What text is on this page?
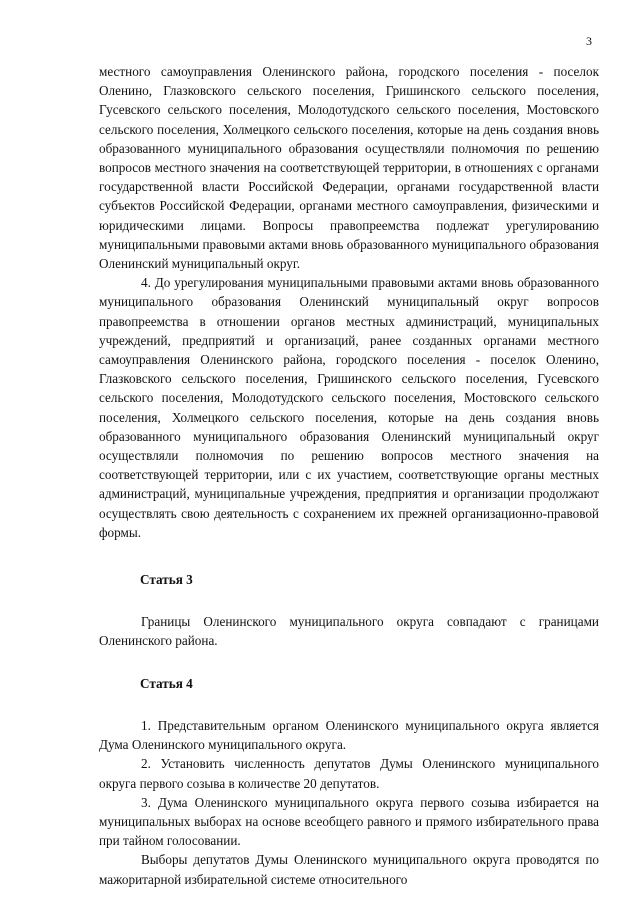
3

местного самоуправления Оленинского района, городского поселения - поселок Оленино, Глазковского сельского поселения, Гришинского сельского поселения, Гусевского сельского поселения, Молодотудского сельского поселения, Мостовского сельского поселения, Холмецкого сельского поселения, которые на день создания вновь образованного муниципального образования осуществляли полномочия по решению вопросов местного значения на соответствующей территории, в отношениях с органами государственной власти Российской Федерации, органами государственной власти субъектов Российской Федерации, органами местного самоуправления, физическими и юридическими лицами. Вопросы правопреемства подлежат урегулированию муниципальными правовыми актами вновь образованного муниципального образования Оленинский муниципальный округ.

4. До урегулирования муниципальными правовыми актами вновь образованного муниципального образования Оленинский муниципальный округ вопросов правопреемства в отношении органов местных администраций, муниципальных учреждений, предприятий и организаций, ранее созданных органами местного самоуправления Оленинского района, городского поселения - поселок Оленино, Глазковского сельского поселения, Гришинского сельского поселения, Гусевского сельского поселения, Молодотудского сельского поселения, Мостовского сельского поселения, Холмецкого сельского поселения, которые на день создания вновь образованного муниципального образования Оленинский муниципальный округ осуществляли полномочия по решению вопросов местного значения на соответствующей территории, или с их участием, соответствующие органы местных администраций, муниципальные учреждения, предприятия и организации продолжают осуществлять свою деятельность с сохранением их прежней организационно-правовой формы.

Статья 3

Границы Оленинского муниципального округа совпадают с границами Оленинского района.

Статья 4

1. Представительным органом Оленинского муниципального округа является Дума Оленинского муниципального округа.

2. Установить численность депутатов Думы Оленинского муниципального округа первого созыва в количестве 20 депутатов.

3. Дума Оленинского муниципального округа первого созыва избирается на муниципальных выборах на основе всеобщего равного и прямого избирательного права при тайном голосовании.

Выборы депутатов Думы Оленинского муниципального округа проводятся по мажоритарной избирательной системе относительного
